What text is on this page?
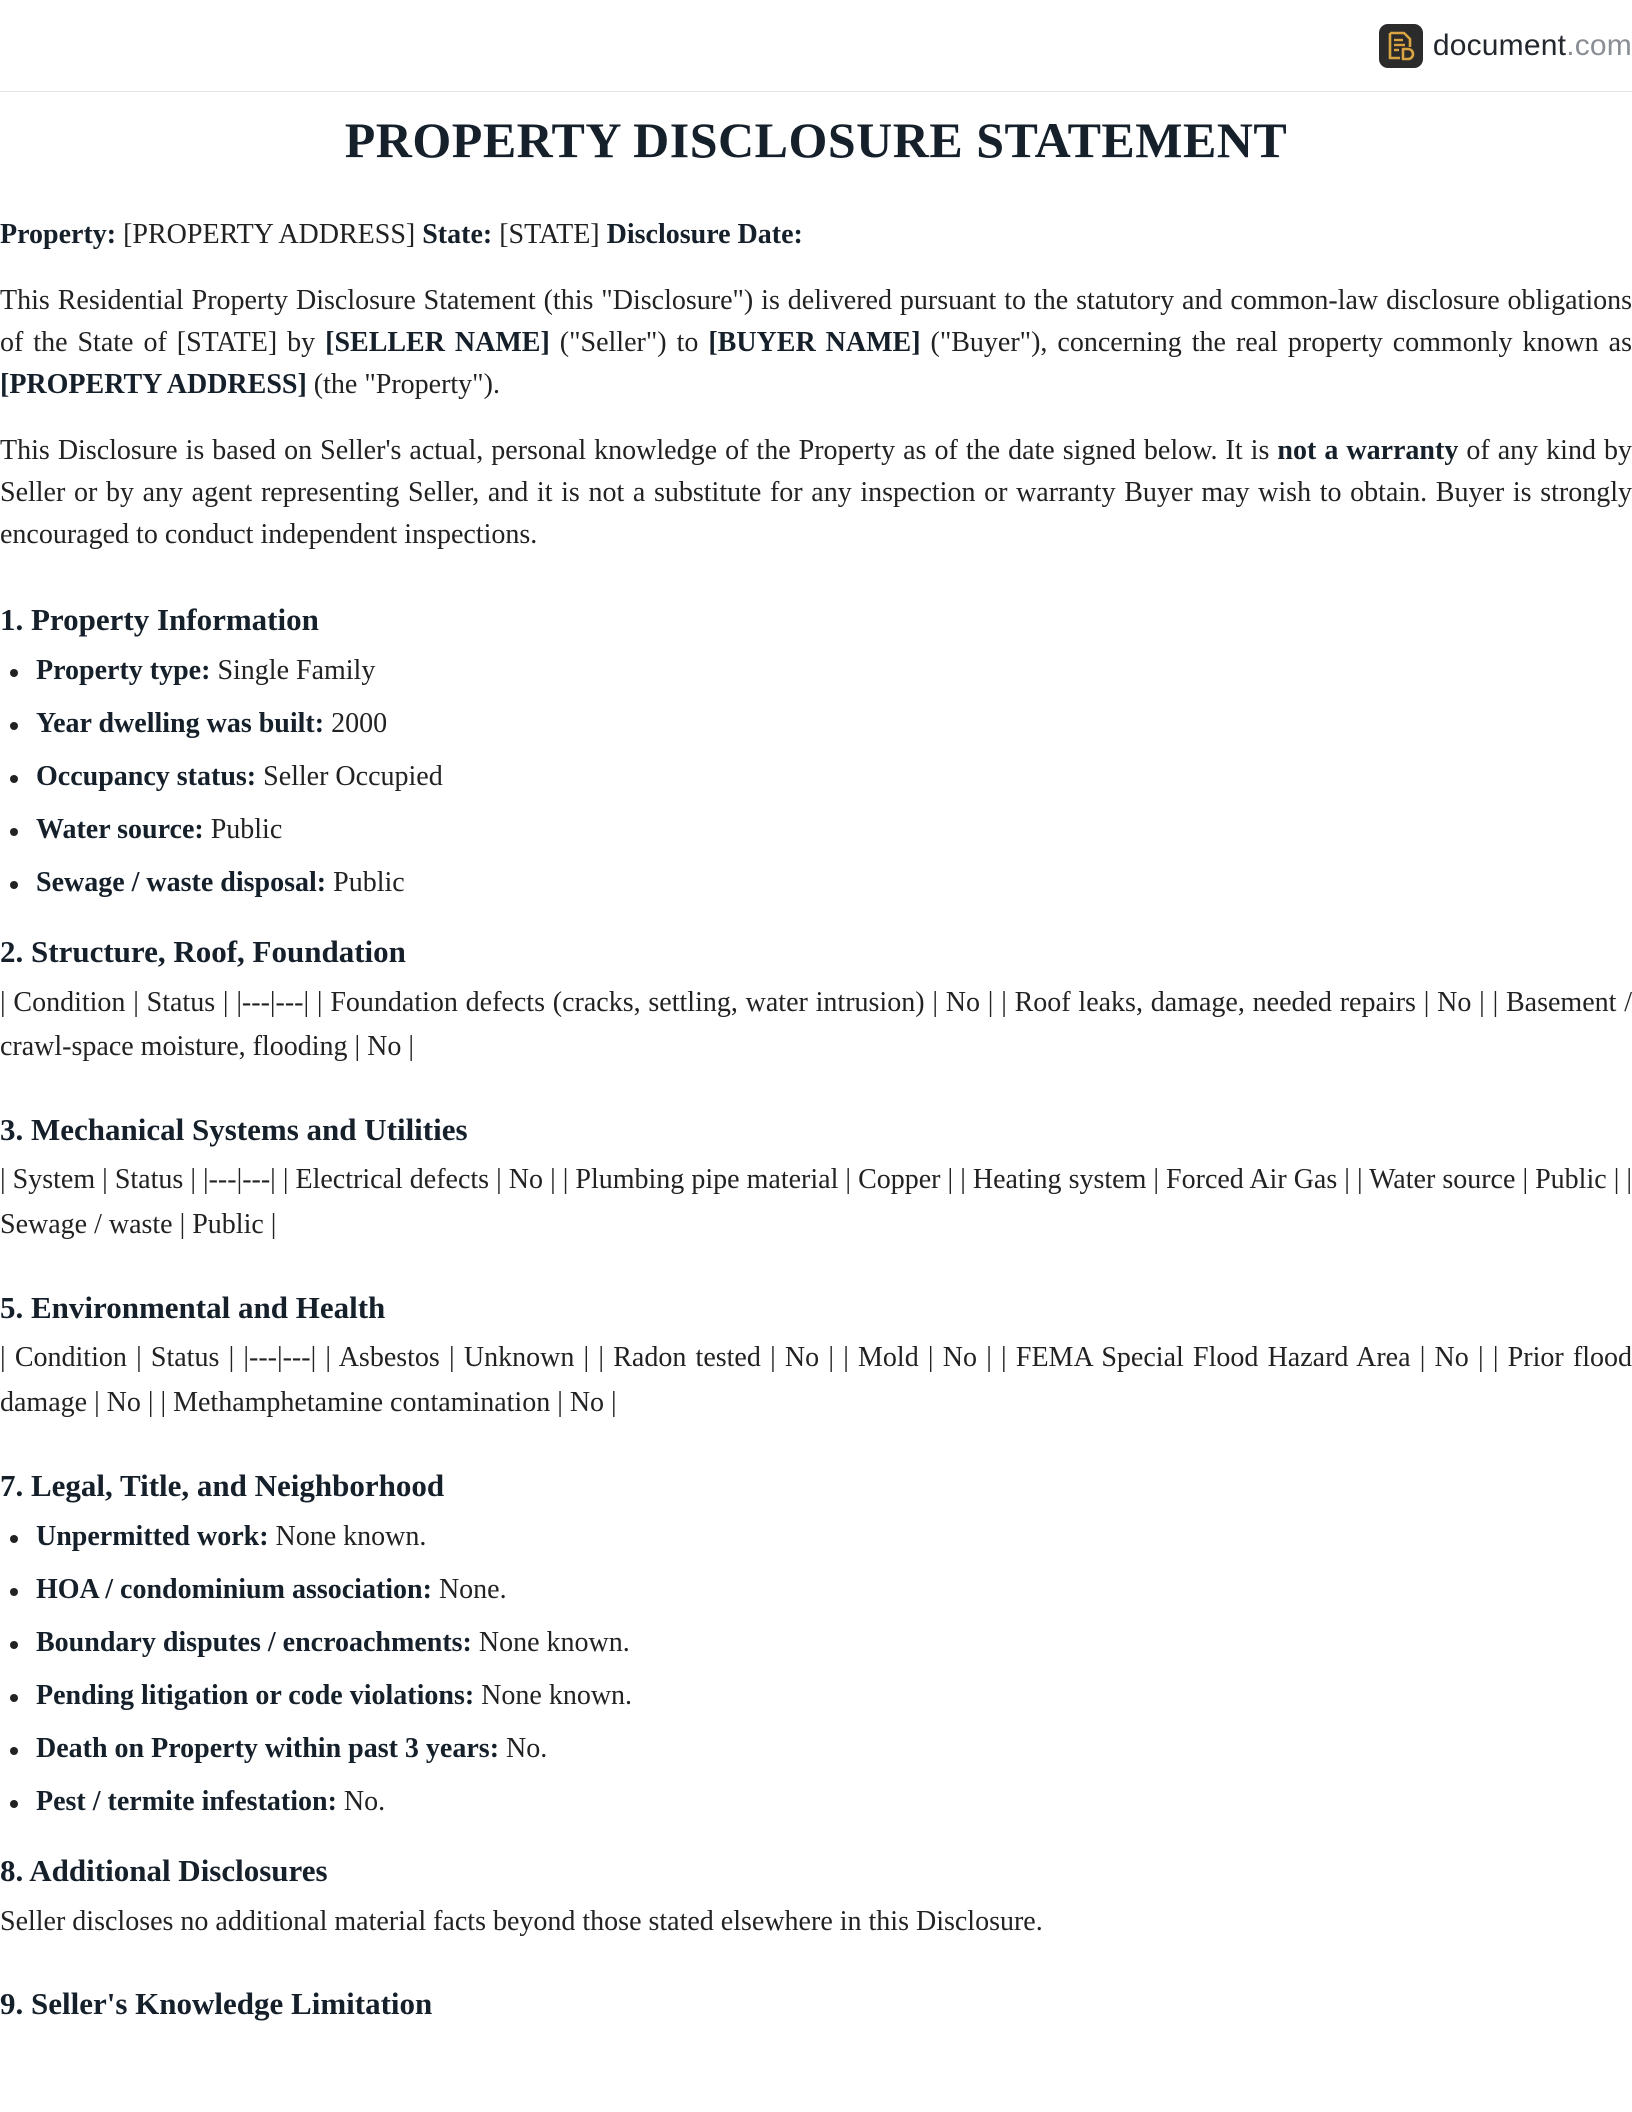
document.com
PROPERTY DISCLOSURE STATEMENT

Property: [PROPERTY ADDRESS] State: [STATE] Disclosure Date:

This Residential Property Disclosure Statement (this "Disclosure") is delivered pursuant to the statutory and common-law disclosure obligations of the State of [STATE] by [SELLER NAME] ("Seller") to [BUYER NAME] ("Buyer"), concerning the real property commonly known as [PROPERTY ADDRESS] (the "Property").

This Disclosure is based on Seller's actual, personal knowledge of the Property as of the date signed below. It is not a warranty of any kind by Seller or by any agent representing Seller, and it is not a substitute for any inspection or warranty Buyer may wish to obtain. Buyer is strongly encouraged to conduct independent inspections.

1. Property Information
Property type: Single Family
Year dwelling was built: 2000
Occupancy status: Seller Occupied
Water source: Public
Sewage / waste disposal: Public
2. Structure, Roof, Foundation

| Condition | Status | |---|---| | Foundation defects (cracks, settling, water intrusion) | No | | Roof leaks, damage, needed repairs | No | | Basement / crawl-space moisture, flooding | No |

3. Mechanical Systems and Utilities

| System | Status | |---|---| | Electrical defects | No | | Plumbing pipe material | Copper | | Heating system | Forced Air Gas | | Water source | Public | | Sewage / waste | Public |

5. Environmental and Health

| Condition | Status | |---|---| | Asbestos | Unknown | | Radon tested | No | | Mold | No | | FEMA Special Flood Hazard Area | No | | Prior flood damage | No | | Methamphetamine contamination | No |

7. Legal, Title, and Neighborhood
Unpermitted work: None known.
HOA / condominium association: None.
Boundary disputes / encroachments: None known.
Pending litigation or code violations: None known.
Death on Property within past 3 years: No.
Pest / termite infestation: No.
8. Additional Disclosures

Seller discloses no additional material facts beyond those stated elsewhere in this Disclosure.

9. Seller's Knowledge Limitation
